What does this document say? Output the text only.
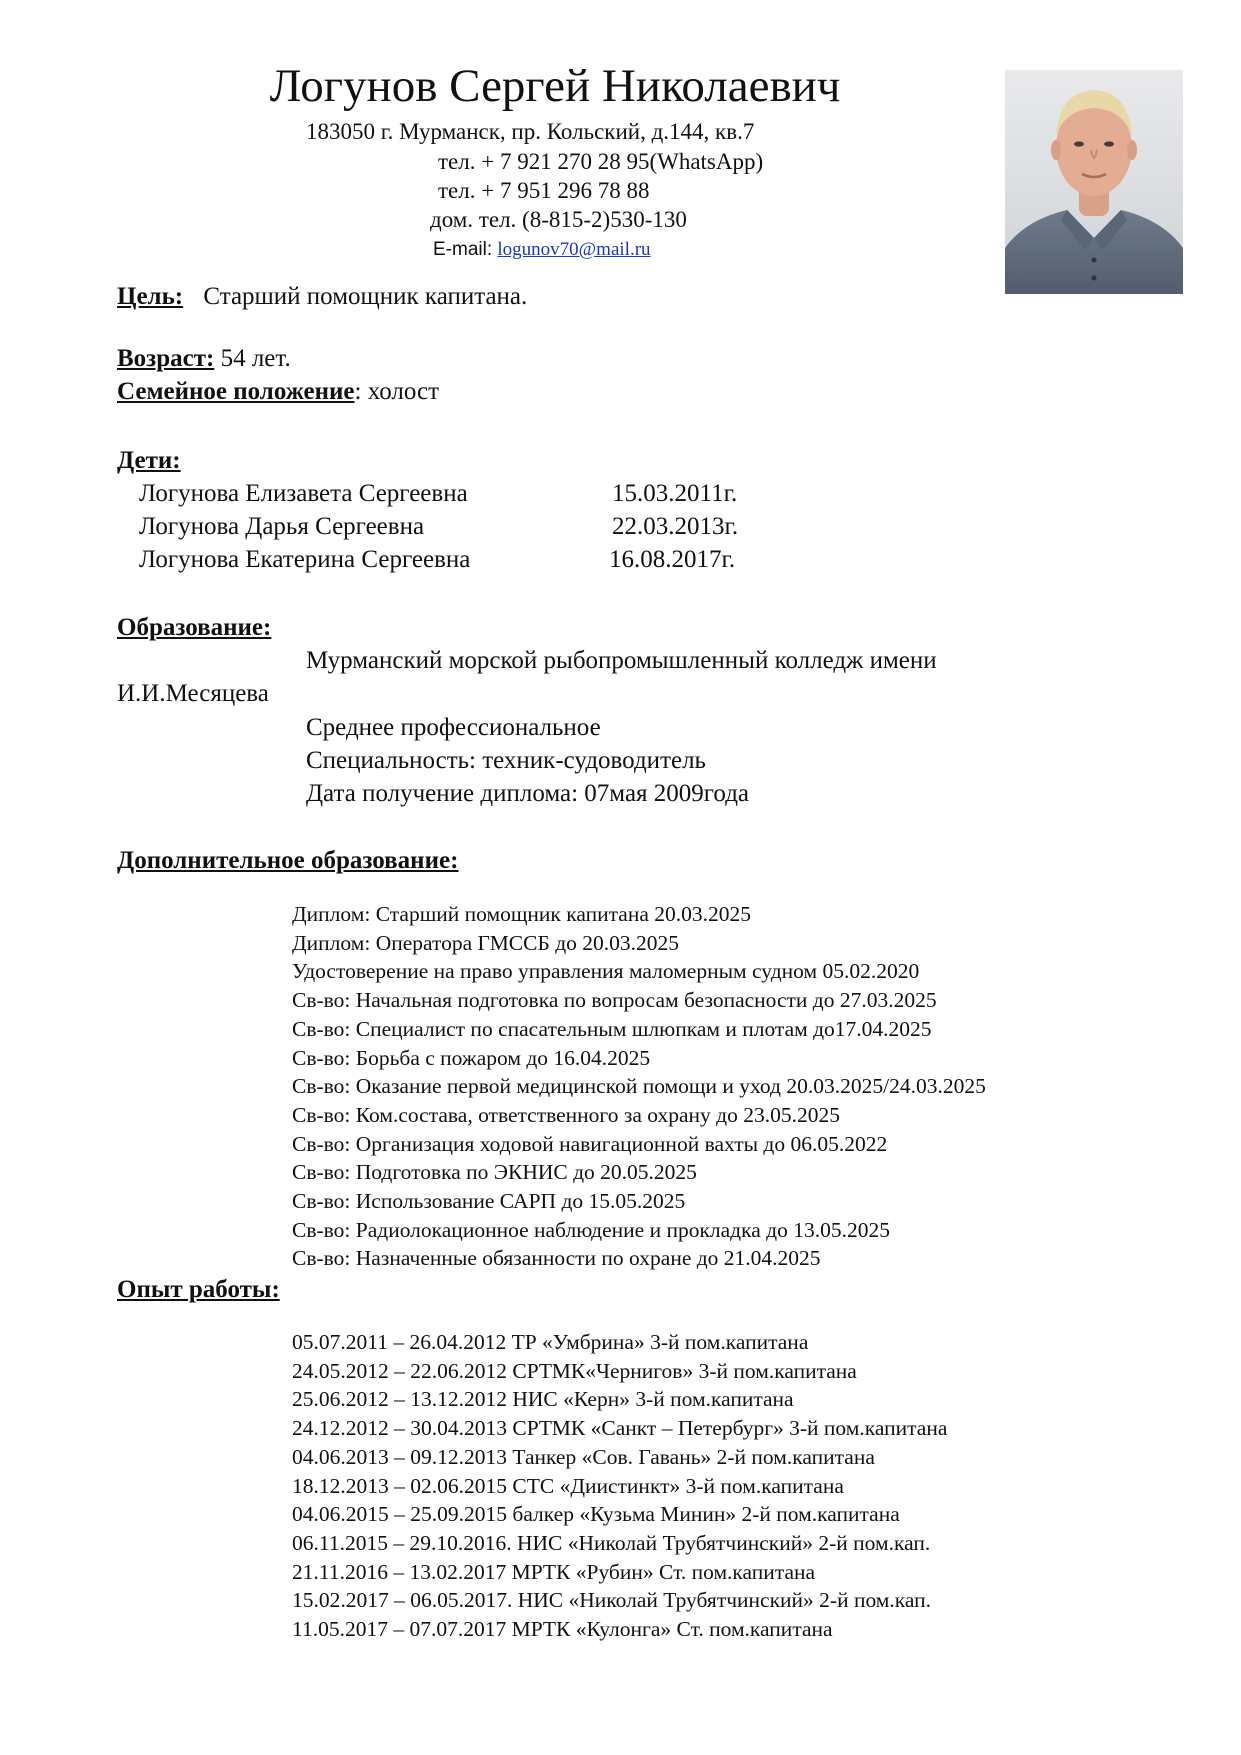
Логунов Сергей Николаевич
183050 г. Мурманск, пр. Кольский, д.144, кв.7
тел. + 7 921 270 28 95(WhatsApp)
тел. + 7 951 296 78 88
дом. тел. (8-815-2)530-130
E-mail: logunov70@mail.ru
Цель: Старший помощник капитана.
Возраст: 54 лет.
Семейное положение: холост
Дети:
Логунова Елизавета Сергеевна	15.03.2011г.
Логунова Дарья Сергеевна	22.03.2013г.
Логунова Екатерина Сергеевна	16.08.2017г.
Образование:
Мурманский морской рыбопромышленный колледж имени
И.И.Месяцева
Среднее профессиональное
Специальность: техник-судоводитель
Дата получение диплома: 07мая 2009года
Дополнительное образование:
Диплом: Старший помощник капитана 20.03.2025
Диплом: Оператора ГМССБ до 20.03.2025
Удостоверение на право управления маломерным судном 05.02.2020
Св-во: Начальная подготовка по вопросам безопасности до 27.03.2025
Св-во: Специалист по спасательным шлюпкам и плотам до17.04.2025
Св-во: Борьба с пожаром до 16.04.2025
Св-во: Оказание первой медицинской помощи и уход 20.03.2025/24.03.2025
Св-во: Ком.состава, ответственного за охрану до 23.05.2025
Св-во: Организация ходовой навигационной вахты до 06.05.2022
Св-во: Подготовка по ЭКНИС до 20.05.2025
Св-во: Использование САРП до 15.05.2025
Св-во: Радиолокационное наблюдение и прокладка до 13.05.2025
Св-во: Назначенные обязанности по охране до 21.04.2025
Опыт работы:
05.07.2011 – 26.04.2012 ТР «Умбрина» 3-й пом.капитана
24.05.2012 – 22.06.2012 СРТМК«Чернигов» 3-й пом.капитана
25.06.2012 – 13.12.2012 НИС «Керн» 3-й пом.капитана
24.12.2012 – 30.04.2013 СРТМК «Санкт – Петербург» 3-й пом.капитана
04.06.2013 – 09.12.2013 Танкер «Сов. Гавань» 2-й пом.капитана
18.12.2013 – 02.06.2015 СТС «Диистинкт» 3-й пом.капитана
04.06.2015 – 25.09.2015 балкер «Кузьма Минин» 2-й пом.капитана
06.11.2015 – 29.10.2016. НИС «Николай Трубятчинский» 2-й пом.кап.
21.11.2016 – 13.02.2017 МРТК «Рубин» Ст. пом.капитана
15.02.2017 – 06.05.2017. НИС «Николай Трубятчинский» 2-й пом.кап.
11.05.2017 – 07.07.2017 МРТК «Кулонга» Ст. пом.капитана
